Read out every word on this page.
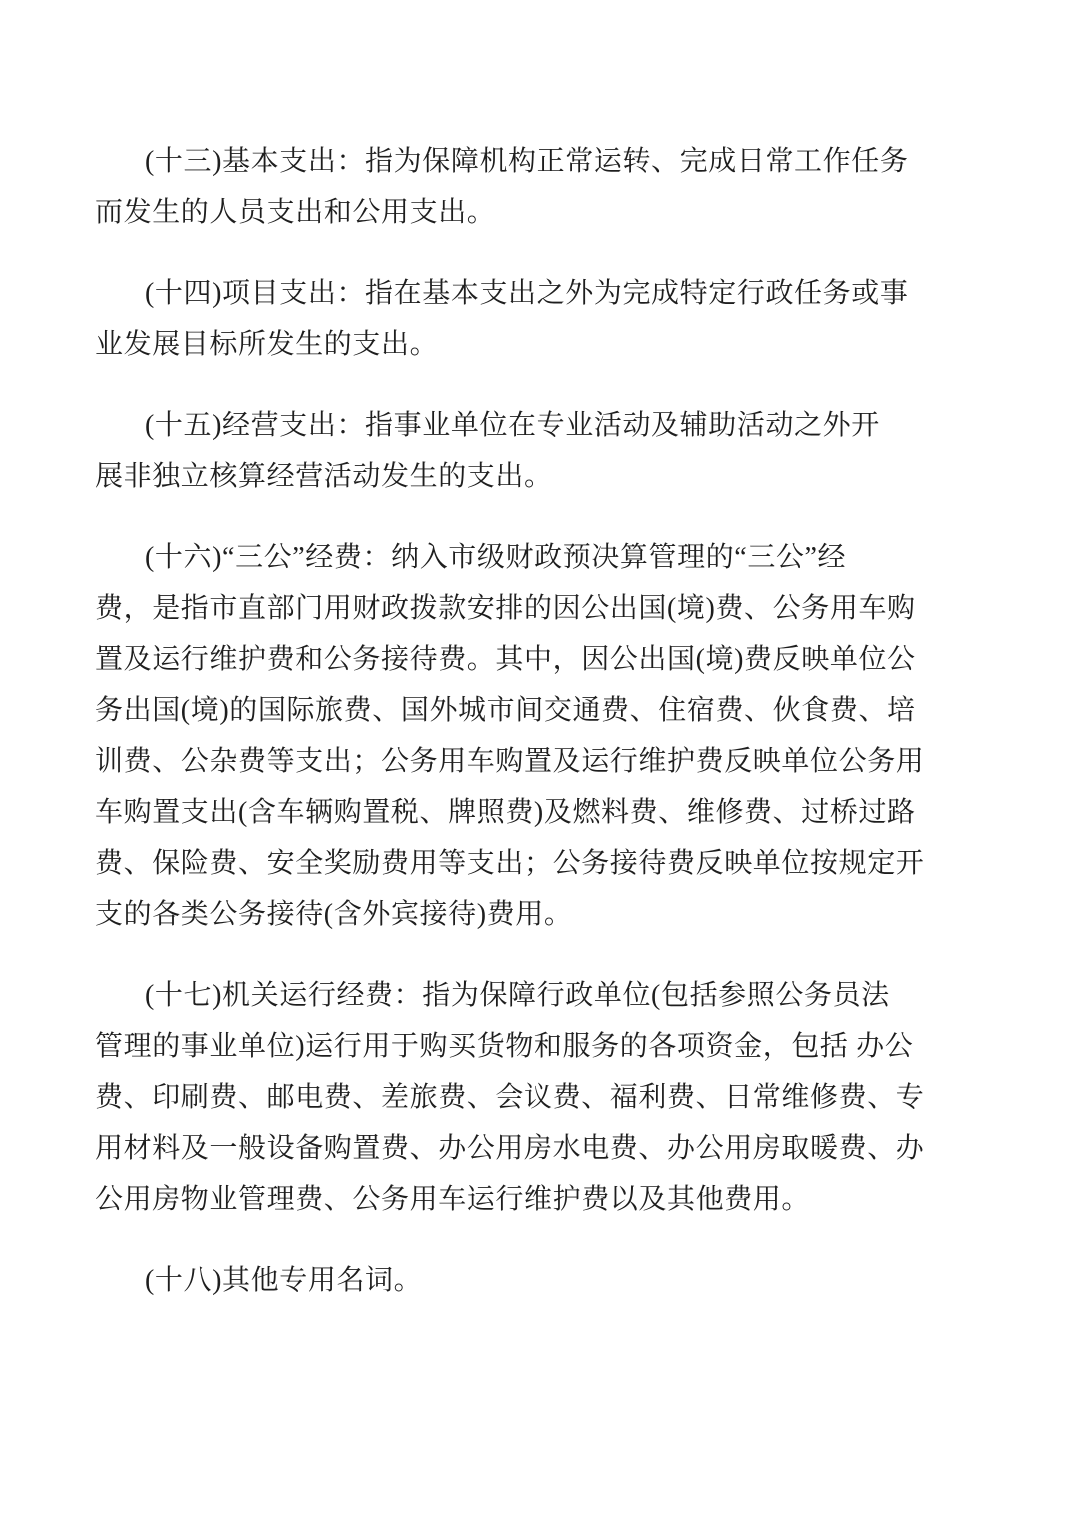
(十三)基本支出：指为保障机构正常运转、完成日常工作任务
而发生的人员支出和公用支出。

(十四)项目支出：指在基本支出之外为完成特定行政任务或事
业发展目标所发生的支出。

(十五)经营支出：指事业单位在专业活动及辅助活动之外开
展非独立核算经营活动发生的支出。

(十六)“三公”经费：纳入市级财政预决算管理的“三公”经
费，是指市直部门用财政拨款安排的因公出国(境)费、公务用车购
置及运行维护费和公务接待费。其中，因公出国(境)费反映单位公
务出国(境)的国际旅费、国外城市间交通费、住宿费、伙食费、培
训费、公杂费等支出；公务用车购置及运行维护费反映单位公务用
车购置支出(含车辆购置税、牌照费)及燃料费、维修费、过桥过路
费、保险费、安全奖励费用等支出；公务接待费反映单位按规定开
支的各类公务接待(含外宾接待)费用。

(十七)机关运行经费：指为保障行政单位(包括参照公务员法
管理的事业单位)运行用于购买货物和服务的各项资金，包括 办公
费、印刷费、邮电费、差旅费、会议费、福利费、日常维修费、专
用材料及一般设备购置费、办公用房水电费、办公用房取暖费、办
公用房物业管理费、公务用车运行维护费以及其他费用。

(十八)其他专用名词。
